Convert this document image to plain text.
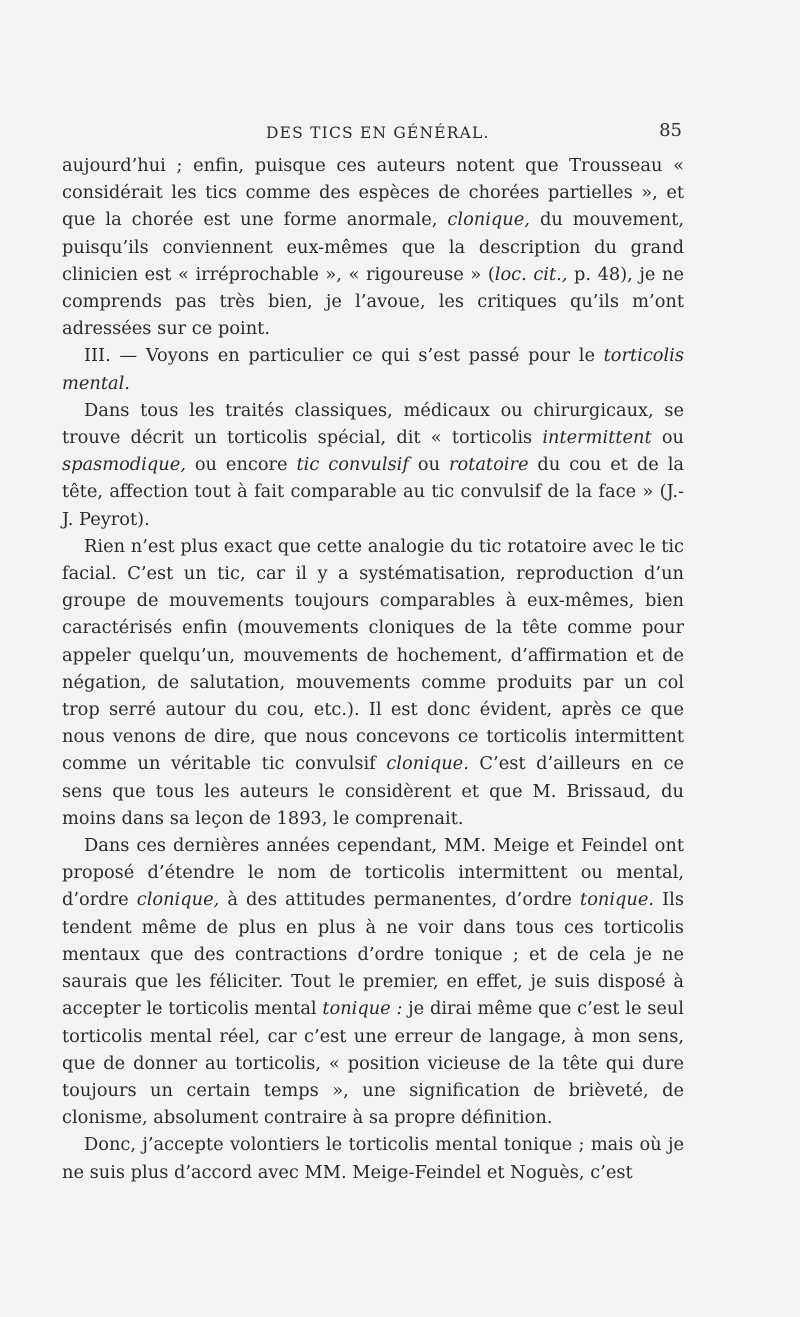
DES TICS EN GÉNÉRAL.	85

aujourd’hui ; enfin, puisque ces auteurs notent que Trousseau « considérait les tics comme des espèces de chorées partielles », et que la chorée est une forme anormale, clonique, du mouvement, puisqu’ils conviennent eux-mêmes que la description du grand clinicien est « irréprochable », « rigoureuse » (loc. cit., p. 48), je ne comprends pas très bien, je l’avoue, les critiques qu’ils m’ont adressées sur ce point.

III. — Voyons en particulier ce qui s’est passé pour le torticolis mental.

Dans tous les traités classiques, médicaux ou chirurgicaux, se trouve décrit un torticolis spécial, dit « torticolis intermittent ou spasmodique, ou encore tic convulsif ou rotatoire du cou et de la tête, affection tout à fait comparable au tic convulsif de la face » (J.-J. Peyrot).

Rien n’est plus exact que cette analogie du tic rotatoire avec le tic facial. C’est un tic, car il y a systématisation, reproduction d’un groupe de mouvements toujours comparables à eux-mêmes, bien caractérisés enfin (mouvements cloniques de la tête comme pour appeler quelqu’un, mouvements de hochement, d’affirmation et de négation, de salutation, mouvements comme produits par un col trop serré autour du cou, etc.). Il est donc évident, après ce que nous venons de dire, que nous concevons ce torticolis intermittent comme un véritable tic convulsif clonique. C’est d’ailleurs en ce sens que tous les auteurs le considèrent et que M. Brissaud, du moins dans sa leçon de 1893, le comprenait.

Dans ces dernières années cependant, MM. Meige et Feindel ont proposé d’étendre le nom de torticolis intermittent ou mental, d’ordre clonique, à des attitudes permanentes, d’ordre tonique. Ils tendent même de plus en plus à ne voir dans tous ces torticolis mentaux que des contractions d’ordre tonique ; et de cela je ne saurais que les féliciter. Tout le premier, en effet, je suis disposé à accepter le torticolis mental tonique : je dirai même que c’est le seul torticolis mental réel, car c’est une erreur de langage, à mon sens, que de donner au torticolis, « position vicieuse de la tête qui dure toujours un certain temps », une signification de brièveté, de clonisme, absolument contraire à sa propre définition.

Donc, j’accepte volontiers le torticolis mental tonique ; mais où je ne suis plus d’accord avec MM. Meige-Feindel et Noguès, c’est
